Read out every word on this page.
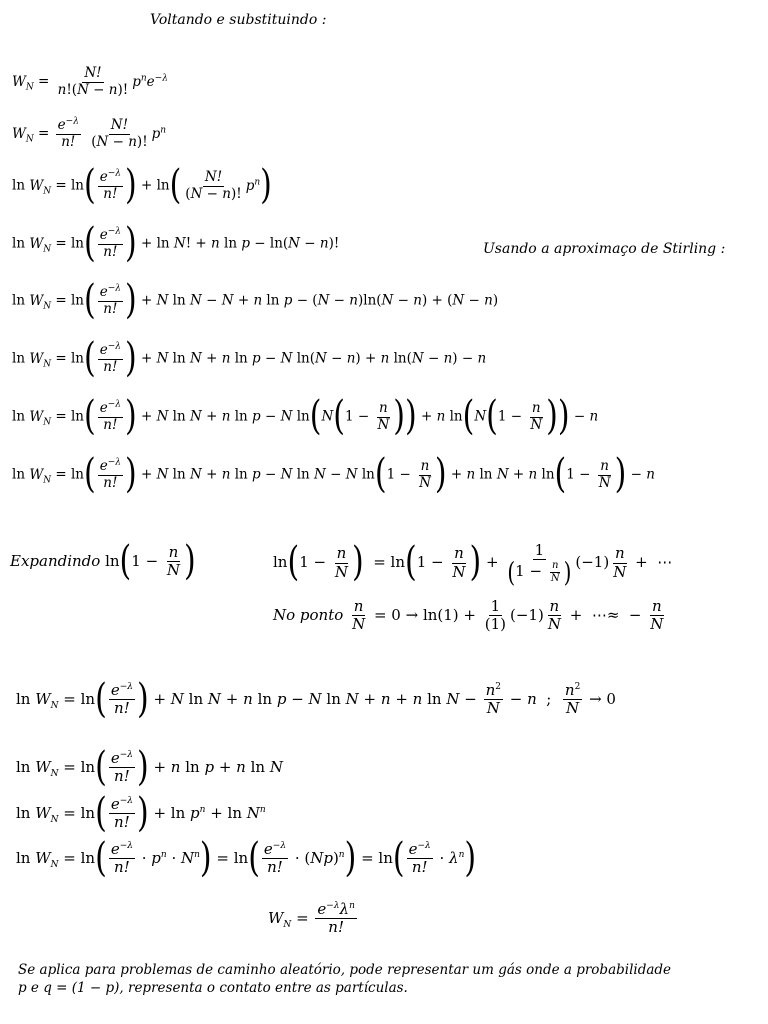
Voltando e substituindo :
$W_N = \frac{N!}{n!(N - n)!} p^ne^{-\lambda}$
$W_N = \frac{e^{-\lambda}}{n!}$
$\frac{N!}{(N - n)!} p^n$
$\ln W_N = \ln( \frac{e^{-\lambda}}{n!}$ ) + $\ln( \frac{N!}{(N - n)!} p^n)$
$\ln W_N = \ln( \frac{e^{-\lambda}}{n!}$ ) + ln N! + n ln p − ln(N − n)!	Usando a aproximaço de Stirling :
$\ln W_N = \ln( \frac{e^{-\lambda}}{n!}$ ) + N ln N − N + n ln p − (N − n)ln(N − n) + (N − n)
$\ln W_N = \ln( \frac{e^{-\lambda}}{n!}$ ) + N ln N + n ln p − N ln(N − n) + n ln(N − n) − n
$\ln W_N = \ln( \frac{e^{-\lambda}}{n!}$ ) + N ln N + n ln p − N $\ln(N(1 - \frac{n}{N}$ )) + n $\ln(N(1 - \frac{n}{N}$ )) − n
$\ln W_N = \ln( \frac{e^{-\lambda}}{n!}$ ) + N ln N + n ln p − N ln N − N $\ln(1 - \frac{n}{N}$ ) + n ln N + n $\ln(1 - \frac{n}{N}$ ) − n
Expandindo $\ln(1 - \frac{n}{N}$ )	$\ln(1 - \frac{n}{N}$ )  = $\ln(1 - \frac{n}{N}$ ) + $\frac{1}{(1 - \frac{n}{N} )} (-1) \frac{n}{N}$ +  ⋯
No ponto $\frac{n}{N} = 0 \to \ln(1) + \frac{1}{(1)} (-1) \frac{n}{N}$ +  ⋯≈  − $\frac{n}{N}$
$\ln W_N = \ln( \frac{e^{-\lambda}}{n!}$ ) + N ln N + n ln p − N ln N + n + n $\ln N - \frac{n^2}{N} - n$  ; $\frac{n^2}{N} \to 0$
$\ln W_N = \ln( \frac{e^{-\lambda}}{n!}$ ) + n ln p + n ln N
$\ln W_N = \ln( \frac{e^{-\lambda}}{n!}$ ) + $\ln p^n + \ln N^n$
$\ln W_N = \ln( \frac{e^{-\lambda}}{n!} \cdot p^n \cdot N^n) = \ln( \frac{e^{-\lambda}}{n!} \cdot (Np)^n) = \ln( \frac{e^{-\lambda}}{n!} \cdot \lambda^n)$
$W_N = \frac{e^{-\lambda}\lambda^n}{n!}$
Se aplica para problemas de caminho aleatório, pode representar um gás onde a probabilidade
p e q = (1 − p), representa o contato entre as partículas.
